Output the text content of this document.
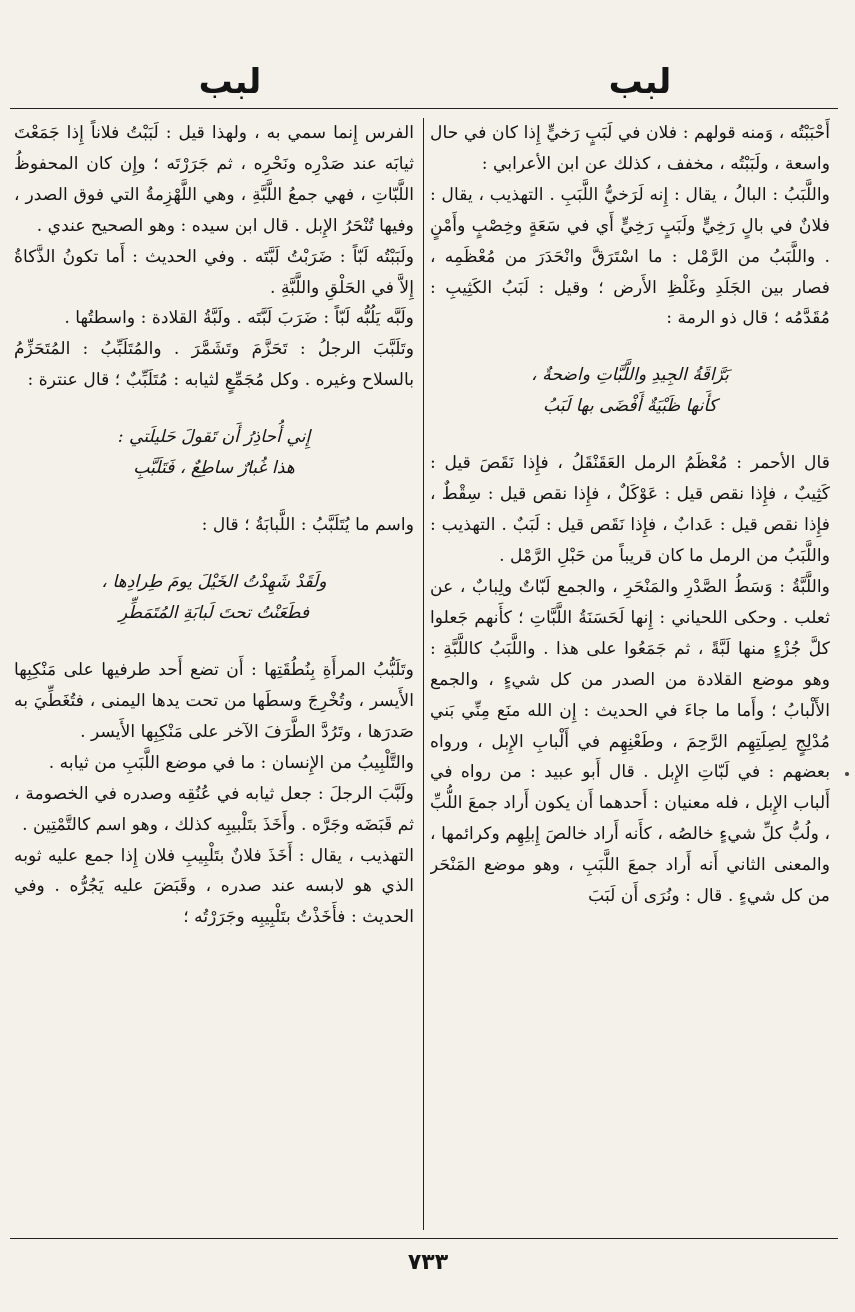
لبب
لبب

أَحْبَبْتُه ، وَمنه قولهم : فلان في لَبَبٍ رَخيٍّ إِذا كان في حال واسعة ، ولَبَبْتُه ، مخفف ، كذلك عن ابن الأعرابي :

واللَّبَبُ : البالُ ، يقال : إِنه لَرَخيُّ اللَّبَبِ . التهذيب ، يقال : فلانٌ في بالٍ رَخِيٍّ ولَبَبٍ رَخِيٍّ أَي في سَعَةٍ وخِصْبٍ وأَمْنٍ . واللَّبَبُ من الرَّمْل : ما اسْتَرَقَّ وانْحَدَرَ من مُعْظَمِه ، فصار بين الجَلَدِ وغَلْظِ الأَرض ؛ وقيل : لَبَبُ الكَثِيبِ : مُقَدَّمُه ؛ قال ذو الرمة :

بَرَّاقَةُ الجِيدِ واللَّبَّاتِ واضحةٌ ،

كأَنها ظَبْيَةٌ أَفْضَى بها لَبَبُ

قال الأحمر : مُعْظَمُ الرمل العَقَنْقَلُ ، فإِذا نَقَصَ قيل : كَثِيبٌ ، فإِذا نقص قيل : عَوْكَلٌ ، فإِذا نقص قيل : سِقْطٌ ، فإِذا نقص قيل : عَدابٌ ، فإِذا نَقَص قيل : لَبَبٌ . التهذيب : واللَّبَبُ من الرمل ما كان قريباً من حَبْلِ الرَّمْل .

واللَّبَّةُ : وَسَطُ الصَّدْرِ والمَنْحَرِ ، والجمع لَبّاتٌ ولِبابٌ ، عن ثعلب . وحكى اللحياني : إِنها لَحَسَنَةُ اللَّبَّاتِ ؛ كأَنهم جَعلوا كلَّ جُزْءٍ منها لَبَّةً ، ثم جَمَعُوا على هذا . واللَّبَبُ كاللَّبَّةِ : وهو موضع القلادة من الصدر من كل شيءٍ ، والجمع الأَلْبابُ ؛ وأَما ما جاءَ في الحديث : إِن الله منَع مِنِّي بَني مُدْلِجٍ لِصِلَتِهِم الرَّحِمَ ، وطَعْنِهِم في أَلْبابِ الإِبل ، ورواه بعضهم : في لَبّاتِ الإِبل . قال أَبو عبيد : من رواه في أَلباب الإِبل ، فله معنيان : أَحدهما أَن يكون أَراد جمعَ اللُّبِّ ، ولُبُّ كلِّ شيءٍ خالصُه ، كأَنه أَراد خالصَ إِبلِهِم وكرائمها ، والمعنى الثاني أَنه أَراد جمعَ اللَّبَبِ ، وهو موضع المَنْحَر من كل شيءٍ . قال : ونُرَى أَن لَبَبَ

الفرس إِنما سمي به ، ولهذا قيل : لَبَبْتُ فلاناً إِذا جَمَعْتَ ثيابَه عند صَدْرِه ونَحْرِه ، ثم جَرَرْتَه ؛ وإِن كان المحفوظُ اللَّبّاتِ ، فهي جمعُ اللَّبَّةِ ، وهي اللَّهْزِمةُ التي فوق الصدر ، وفيها تُنْحَرُ الإِبل . قال ابن سيده : وهو الصحيح عندي .

ولَبَبْتُه لَبّاً : ضَرَبْتُ لَبَّتَه . وفي الحديث : أَما تكونُ الذَّكاةُ إِلاَّ في الحَلْقِ واللَّبَّةِ .

ولَبَّه يَلُبُّه لَبّاً : ضَرَبَ لَبَّتَه . ولَبَّةُ القلادة : واسطتُها .

وتَلَبَّبَ الرجلُ : تَحَزَّمَ وتَشَمَّرَ . والمُتَلَبِّبُ : المُتَحَزِّمُ بالسلاح وغيره . وكل مُجَمِّعٍ لثيابه : مُتَلَبِّبٌ ؛ قال عنترة :

إِني أُحاذِرُ أَن تَقولَ حَليلَتي :

هذا غُبارٌ ساطِعٌ ، فَتَلَبَّبِ

واسم ما يُتَلَبَّبُ : اللَّبابَةُ ؛ قال :

ولَقَدْ شَهِدْتُ الخَيْلَ يومَ طِرادِها ،

فطَعَنْتُ تحتَ لَبابَةِ المُتَمَطِّرِ

وتَلَبُّبُ المرأَةِ بِنُطُقَتِها : أَن تضع أَحد طرفيها على مَنْكِبِها الأَيسر ، وتُخْرِجَ وسطَها من تحت يدها اليمنى ، فتُغَطِّيَ به صَدرَها ، وتَرُدَّ الطَّرَفَ الآخر على مَنْكِبِها الأَيسر .

والتَّلْبِيبُ من الإِنسان : ما في موضع اللَّبَبِ من ثيابه .

ولَبَّبَ الرجلَ : جعل ثيابه في عُنُقِه وصدره في الخصومة ، ثم قَبَضَه وجَرَّه . وأَخَذَ بتَلْبيبِه كذلك ، وهو اسم كالتَّمْتِين .

التهذيب ، يقال : أَخَذَ فلانٌ بتَلْبِيبِ فلان إِذا جمع عليه ثوبه الذي هو لابسه عند صدره ، وقَبَضَ عليه يَجُرُّه . وفي الحديث : فأَخَذْتُ بتَلْبِيبِه وجَرَرْتُه ؛

٧٣٣
